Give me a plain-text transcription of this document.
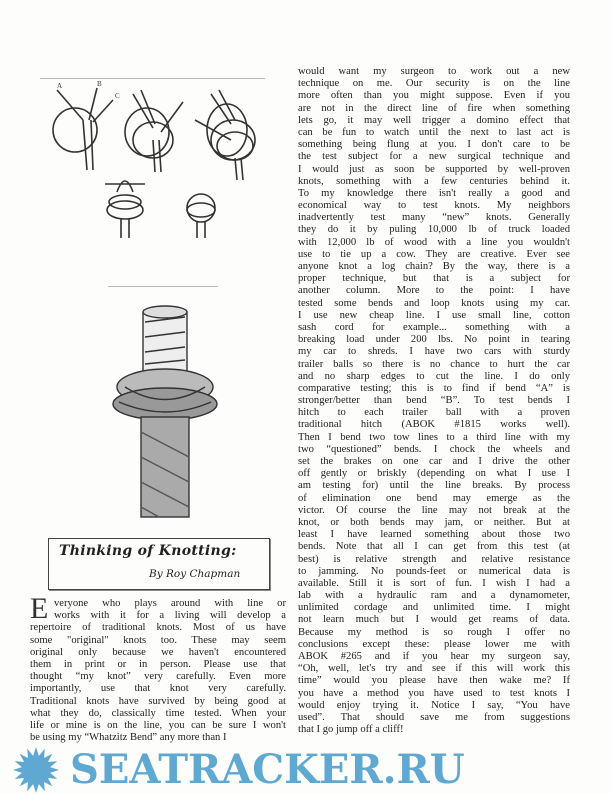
A	B
C
Thinking of Knotting:
By Roy Chapman
E veryone who plays around with line or
works with it for a living will develop a
repertoire of traditional knots. Most of us have
some "original" knots too. These may seem
original only because we haven't encountered
them in print or in person. Please use that
thought “my knot” very carefully. Even more
importantly, use that knot very carefully.
Traditional knots have survived by being good at
what they do, classically time tested. When your
life or mine is on the line, you can be sure I won't
be using my “Whatzitz Bend” any more than I
would want my surgeon to work out a new
technique on me. Our security is on the line
more often than you might suppose. Even if you
are not in the direct line of fire when something
lets go, it may well trigger a domino effect that
can be fun to watch until the next to last act is
something being flung at you. I don't care to be
the test subject for a new surgical technique and
I would just as soon be supported by well-proven
knots, something with a few centuries behind it.
To my knowledge there isn't really a good and
economical way to test knots. My neighbors
inadvertently test many “new” knots. Generally
they do it by puling 10,000 lb of truck loaded
with 12,000 lb of wood with a line you wouldn't
use to tie up a cow. They are creative. Ever see
anyone knot a log chain? By the way, there is a
proper technique, but that is a subject for
another column. More to the point: I have
tested some bends and loop knots using my car.
I use new cheap line. I use small line, cotton
sash cord for example... something with a
breaking load under 200 lbs. No point in tearing
my car to shreds. I have two cars with sturdy
trailer balls so there is no chance to hurt the car
and no sharp edges to cut the line. I do only
comparative testing; this is to find if bend “A” is
stronger/better than bend “B”. To test bends I
hitch to each trailer ball with a proven
traditional hitch (ABOK #1815 works well).
Then I bend two tow lines to a third line with my
two “questioned” bends. I chock the wheels and
set the brakes on one car and I drive the other
off gently or briskly (depending on what I use I
am testing for) until the line breaks. By process
of elimination one bend may emerge as the
victor. Of course the line may not break at the
knot, or both bends may jam, or neither. But at
least I have learned something about those two
bends. Note that all I can get from this test (at
best) is relative strength and relative resistance
to jamming. No pounds-feet or numerical data is
available. Still it is sort of fun. I wish I had a
lab with a hydraulic ram and a dynamometer,
unlimited cordage and unlimited time. I might
not learn much but I would get reams of data.
Because my method is so rough I offer no
conclusions except these: please lower me with
ABOK #265 and if you hear my surgeon say,
“Oh, well, let's try and see if this will work this
time” would you please have then wake me? If
you have a method you have used to test knots I
would enjoy trying it. Notice I say, “You have
used”. That should save me from suggestions
that I go jump off a cliff!
SEATRACKER.RU
